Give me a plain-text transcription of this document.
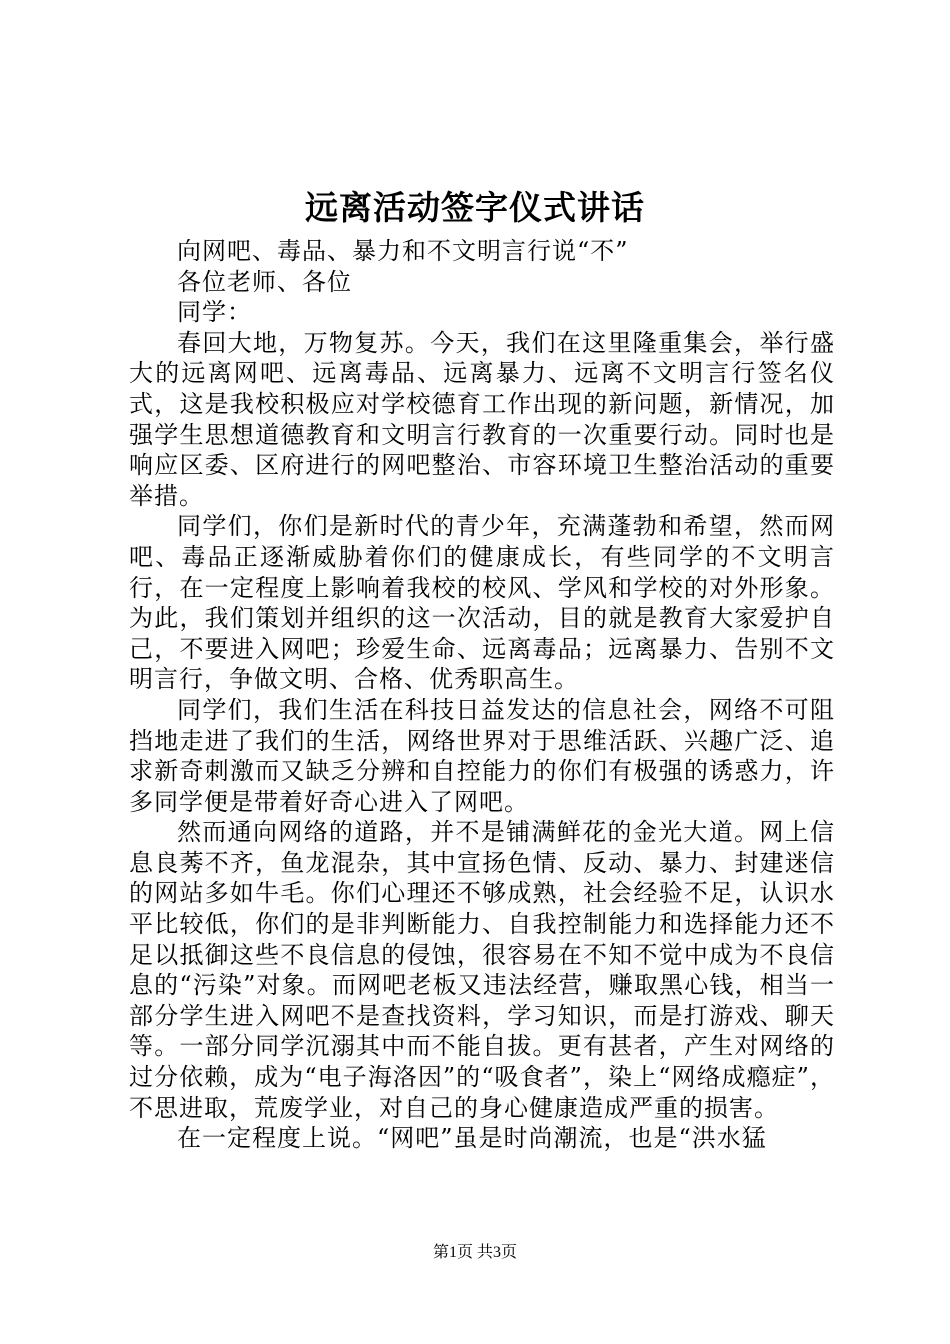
远离活动签字仪式讲话

向网吧、毒品、暴力和不文明言行说“不”

各位老师、各位

同学：

春回大地，万物复苏。今天，我们在这里隆重集会，举行盛大的远离网吧、远离毒品、远离暴力、远离不文明言行签名仪式，这是我校积极应对学校德育工作出现的新问题，新情况，加强学生思想道德教育和文明言行教育的一次重要行动。同时也是响应区委、区府进行的网吧整治、市容环境卫生整治活动的重要举措。

同学们，你们是新时代的青少年，充满蓬勃和希望，然而网吧、毒品正逐渐威胁着你们的健康成长，有些同学的不文明言行，在一定程度上影响着我校的校风、学风和学校的对外形象。为此，我们策划并组织的这一次活动，目的就是教育大家爱护自己，不要进入网吧；珍爱生命、远离毒品；远离暴力、告别不文明言行，争做文明、合格、优秀职高生。

同学们，我们生活在科技日益发达的信息社会，网络不可阻挡地走进了我们的生活，网络世界对于思维活跃、兴趣广泛、追求新奇刺激而又缺乏分辨和自控能力的你们有极强的诱惑力，许多同学便是带着好奇心进入了网吧。

然而通向网络的道路，并不是铺满鲜花的金光大道。网上信息良莠不齐，鱼龙混杂，其中宣扬色情、反动、暴力、封建迷信的网站多如牛毛。你们心理还不够成熟，社会经验不足，认识水平比较低，你们的是非判断能力、自我控制能力和选择能力还不足以抵御这些不良信息的侵蚀，很容易在不知不觉中成为不良信息的“污染”对象。而网吧老板又违法经营，赚取黑心钱，相当一部分学生进入网吧不是查找资料，学习知识，而是打游戏、聊天等。一部分同学沉溺其中而不能自拔。更有甚者，产生对网络的过分依赖，成为“电子海洛因”的“吸食者”，染上“网络成瘾症”，不思进取，荒废学业，对自己的身心健康造成严重的损害。

在一定程度上说。“网吧”虽是时尚潮流，也是“洪水猛

第1页 共3页
